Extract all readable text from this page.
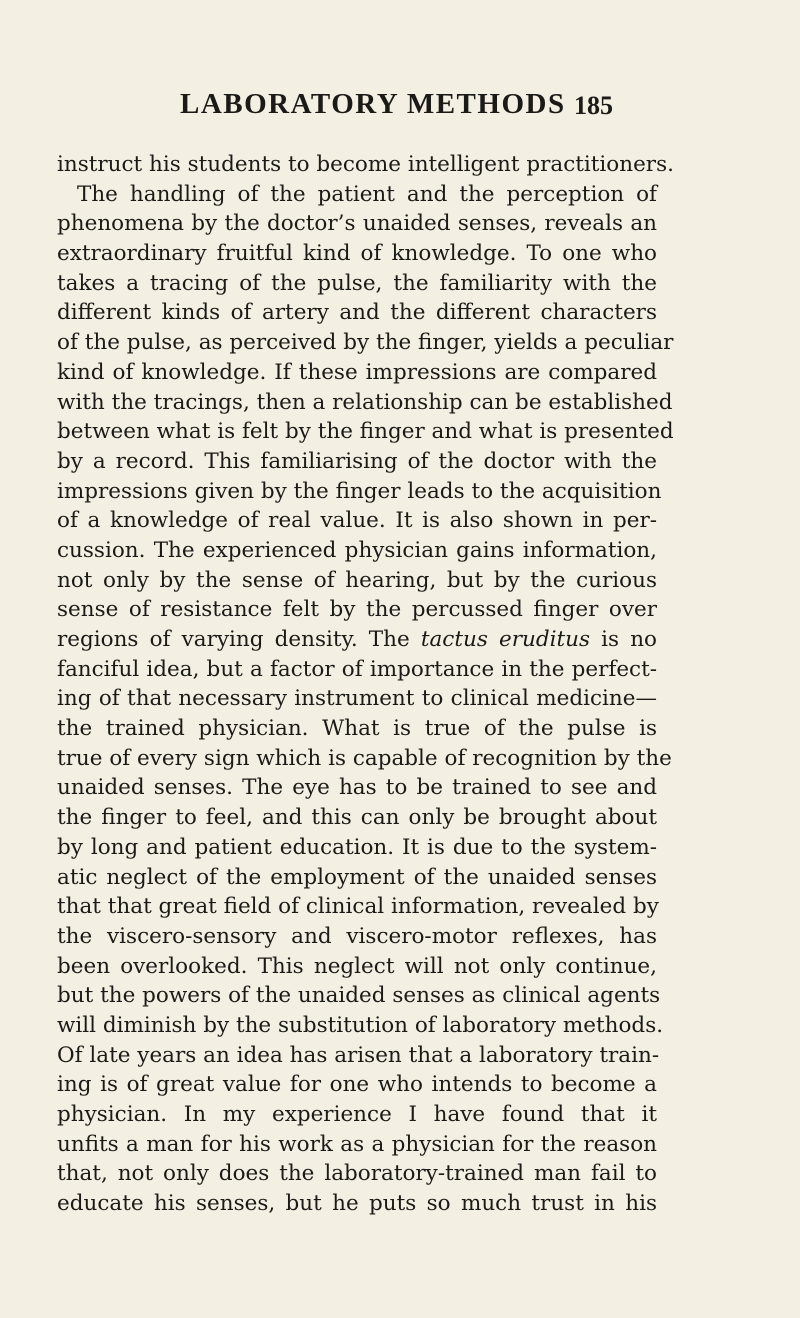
LABORATORY METHODS 185
instruct his students to become intelligent practitioners.
The handling of the patient and the perception of
phenomena by the doctor’s unaided senses, reveals an
extraordinary fruitful kind of knowledge. To one who
takes a tracing of the pulse, the familiarity with the
different kinds of artery and the different characters
of the pulse, as perceived by the finger, yields a peculiar
kind of knowledge. If these impressions are compared
with the tracings, then a relationship can be established
between what is felt by the finger and what is presented
by a record. This familiarising of the doctor with the
impressions given by the finger leads to the acquisition
of a knowledge of real value. It is also shown in per-
cussion. The experienced physician gains information,
not only by the sense of hearing, but by the curious
sense of resistance felt by the percussed finger over
regions of varying density. The tactus eruditus is no
fanciful idea, but a factor of importance in the perfect-
ing of that necessary instrument to clinical medicine—
the trained physician. What is true of the pulse is
true of every sign which is capable of recognition by the
unaided senses. The eye has to be trained to see and
the finger to feel, and this can only be brought about
by long and patient education. It is due to the system-
atic neglect of the employment of the unaided senses
that that great field of clinical information, revealed by
the viscero-sensory and viscero-motor reflexes, has
been overlooked. This neglect will not only continue,
but the powers of the unaided senses as clinical agents
will diminish by the substitution of laboratory methods.
Of late years an idea has arisen that a laboratory train-
ing is of great value for one who intends to become a
physician. In my experience I have found that it
unfits a man for his work as a physician for the reason
that, not only does the laboratory-trained man fail to
educate his senses, but he puts so much trust in his
